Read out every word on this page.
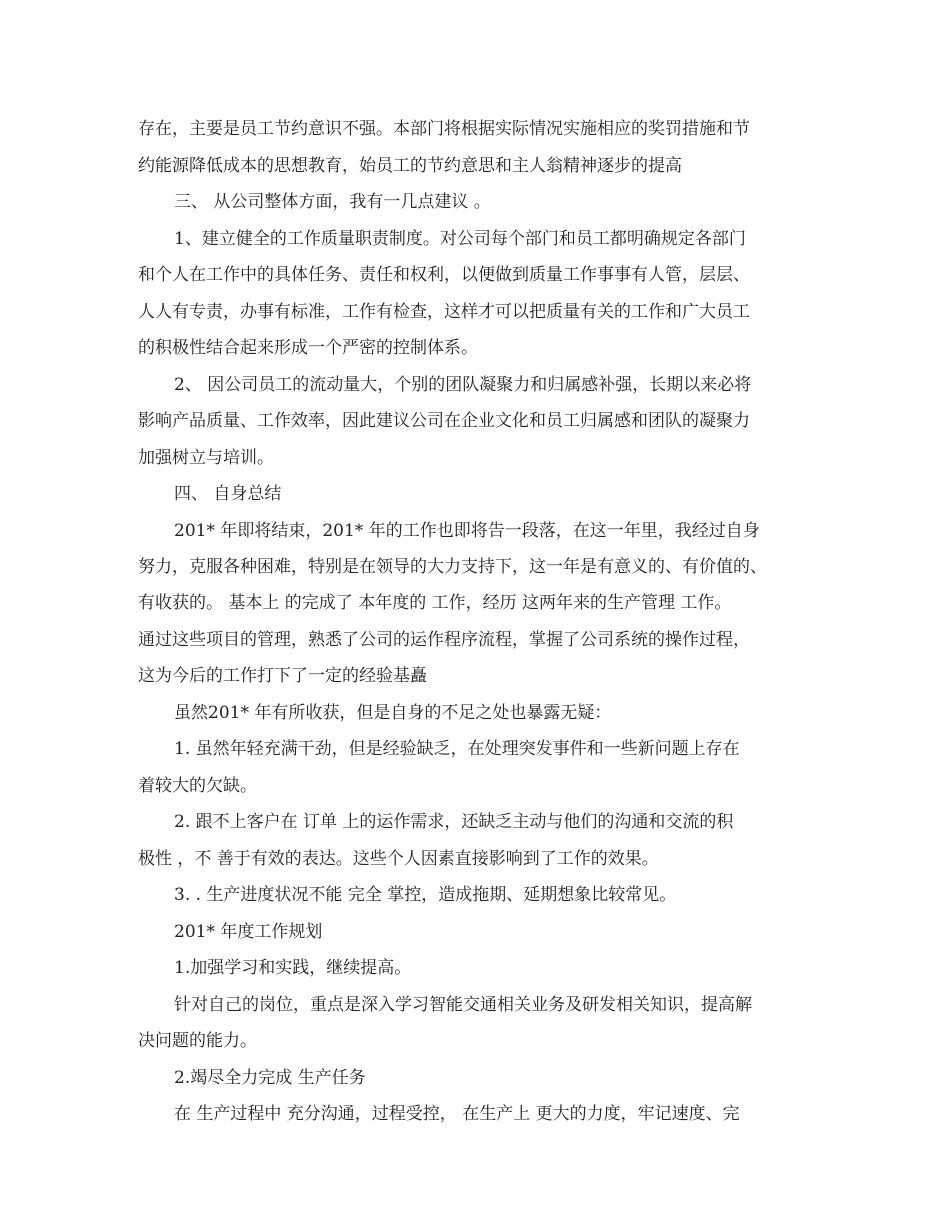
存在，主要是员工节约意识不强。本部门将根据实际情况实施相应的奖罚措施和节
约能源降低成本的思想教育，始员工的节约意思和主人翁精神逐步的提高
三、 从公司整体方面，我有一几点建议 。
1、建立健全的工作质量职责制度。对公司每个部门和员工都明确规定各部门
和个人在工作中的具体任务、责任和权利，以便做到质量工作事事有人管，层层、
人人有专责，办事有标准，工作有检查，这样才可以把质量有关的工作和广大员工
的积极性结合起来形成一个严密的控制体系。
2、 因公司员工的流动量大，个别的团队凝聚力和归属感补强，长期以来必将
影响产品质量、工作效率，因此建议公司在企业文化和员工归属感和团队的凝聚力
加强树立与培训。
四、 自身总结
201* 年即将结束，201* 年的工作也即将告一段落，在这一年里，我经过自身
努力，克服各种困难，特别是在领导的大力支持下，这一年是有意义的、有价值的、
有收获的。 基本上 的完成了 本年度的 工作，经历 这两年来的生产管理 工作。
通过这些项目的管理，熟悉了公司的运作程序流程，掌握了公司系统的操作过程，
这为今后的工作打下了一定的经验基矗
虽然201* 年有所收获，但是自身的不足之处也暴露无疑：
1. 虽然年轻充满干劲，但是经验缺乏，在处理突发事件和一些新问题上存在
着较大的欠缺。
2. 跟不上客户在 订单 上的运作需求，还缺乏主动与他们的沟通和交流的积
极性 ，不 善于有效的表达。这些个人因素直接影响到了工作的效果。
3. . 生产进度状况不能 完全 掌控，造成拖期、延期想象比较常见。
201* 年度工作规划
1.加强学习和实践，继续提高。
针对自己的岗位，重点是深入学习智能交通相关业务及研发相关知识，提高解
决问题的能力。
2.竭尽全力完成 生产任务
在 生产过程中 充分沟通，过程受控， 在生产上 更大的力度，牢记速度、完
